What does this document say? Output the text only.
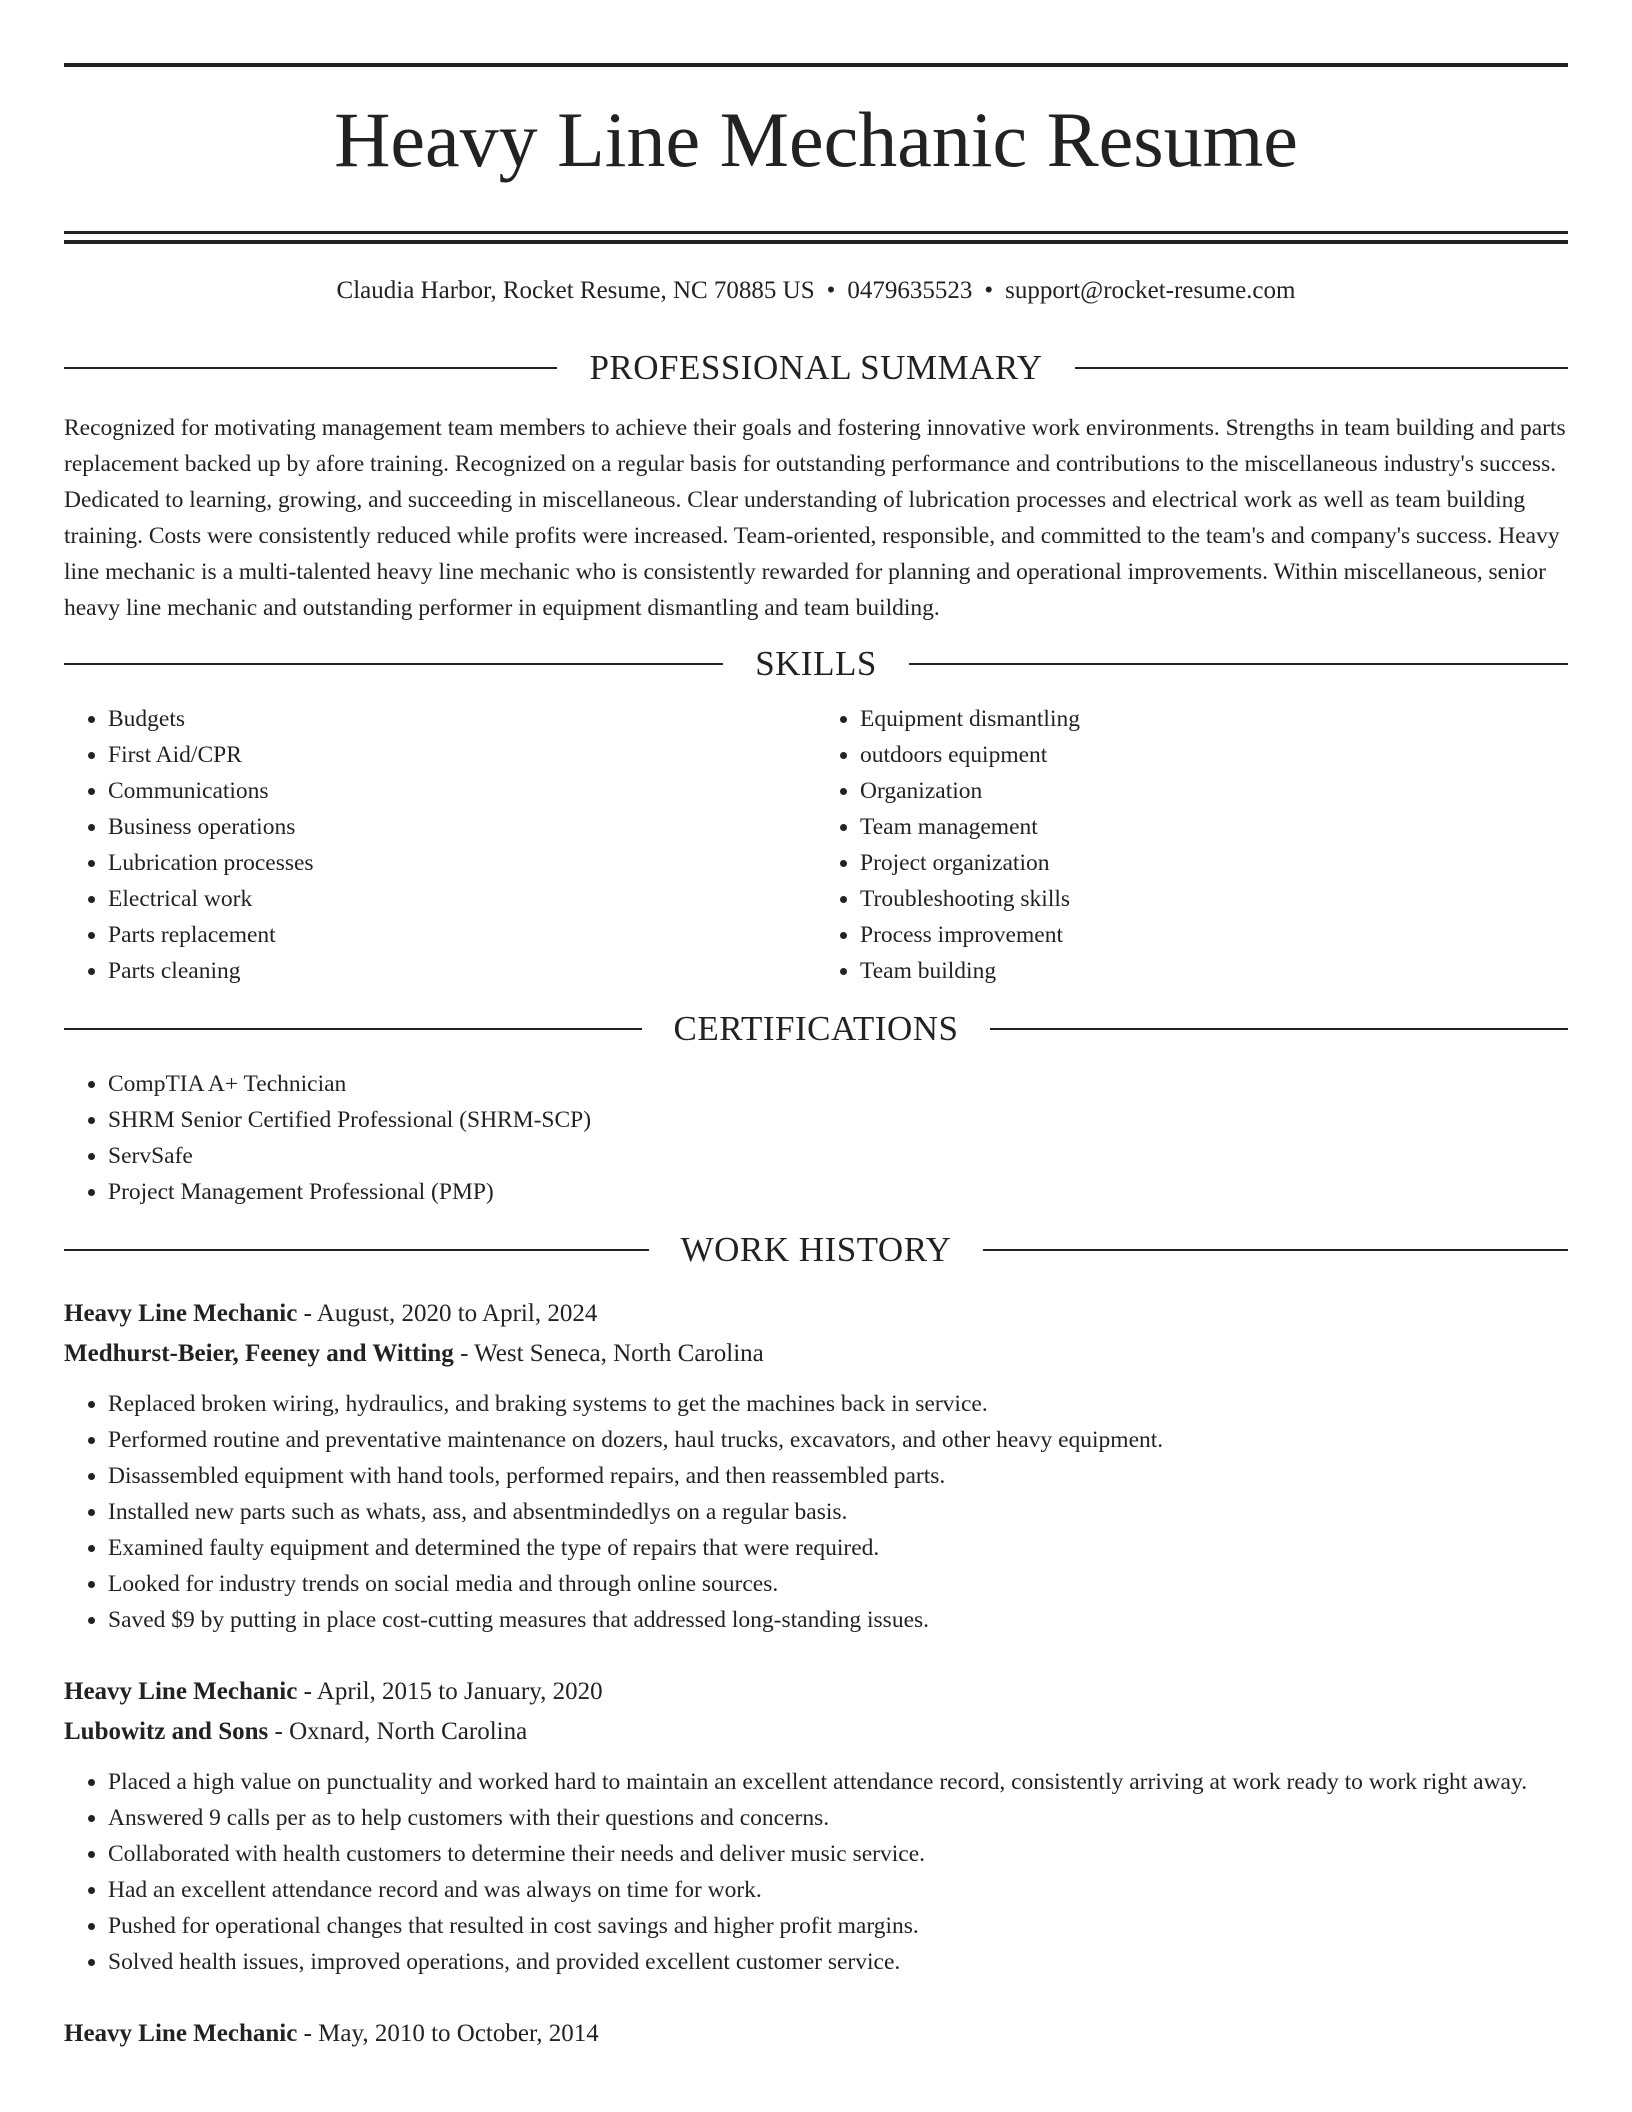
Heavy Line Mechanic Resume
Claudia Harbor, Rocket Resume, NC 70885 US • 0479635523 • support@rocket-resume.com
PROFESSIONAL SUMMARY

Recognized for motivating management team members to achieve their goals and fostering innovative work environments. Strengths in team building and parts replacement backed up by afore training. Recognized on a regular basis for outstanding performance and contributions to the miscellaneous industry's success. Dedicated to learning, growing, and succeeding in miscellaneous. Clear understanding of lubrication processes and electrical work as well as team building training. Costs were consistently reduced while profits were increased. Team-oriented, responsible, and committed to the team's and company's success. Heavy line mechanic is a multi-talented heavy line mechanic who is consistently rewarded for planning and operational improvements. Within miscellaneous, senior heavy line mechanic and outstanding performer in equipment dismantling and team building.

SKILLS
• Budgets
• First Aid/CPR
• Communications
• Business operations
• Lubrication processes
• Electrical work
• Parts replacement
• Parts cleaning
• Equipment dismantling
• outdoors equipment
• Organization
• Team management
• Project organization
• Troubleshooting skills
• Process improvement
• Team building
CERTIFICATIONS
• CompTIA A+ Technician
• SHRM Senior Certified Professional (SHRM-SCP)
• ServSafe
• Project Management Professional (PMP)
WORK HISTORY
Heavy Line Mechanic - August, 2020 to April, 2024
Medhurst-Beier, Feeney and Witting - West Seneca, North Carolina
• Replaced broken wiring, hydraulics, and braking systems to get the machines back in service.
• Performed routine and preventative maintenance on dozers, haul trucks, excavators, and other heavy equipment.
• Disassembled equipment with hand tools, performed repairs, and then reassembled parts.
• Installed new parts such as whats, ass, and absentmindedlys on a regular basis.
• Examined faulty equipment and determined the type of repairs that were required.
• Looked for industry trends on social media and through online sources.
• Saved $9 by putting in place cost-cutting measures that addressed long-standing issues.
Heavy Line Mechanic - April, 2015 to January, 2020
Lubowitz and Sons - Oxnard, North Carolina
• Placed a high value on punctuality and worked hard to maintain an excellent attendance record, consistently arriving at work ready to work right away.
• Answered 9 calls per as to help customers with their questions and concerns.
• Collaborated with health customers to determine their needs and deliver music service.
• Had an excellent attendance record and was always on time for work.
• Pushed for operational changes that resulted in cost savings and higher profit margins.
• Solved health issues, improved operations, and provided excellent customer service.
Heavy Line Mechanic - May, 2010 to October, 2014
